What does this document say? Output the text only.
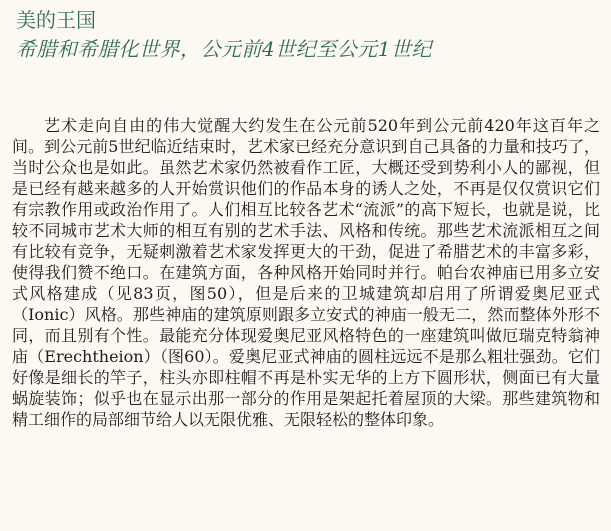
美的王国
希腊和希腊化世界，公元前4世纪至公元1世纪

艺术走向自由的伟大觉醒大约发生在公元前520年到公元前420年这百年之间。到公元前5世纪临近结束时，艺术家已经充分意识到自己具备的力量和技巧了，当时公众也是如此。虽然艺术家仍然被看作工匠，大概还受到势利小人的鄙视，但是已经有越来越多的人开始赏识他们的作品本身的诱人之处，不再是仅仅赏识它们有宗教作用或政治作用了。人们相互比较各艺术“流派”的高下短长，也就是说，比较不同城市艺术大师的相互有别的艺术手法、风格和传统。那些艺术流派相互之间有比较有竞争，无疑刺激着艺术家发挥更大的干劲，促进了希腊艺术的丰富多彩，使得我们赞不绝口。在建筑方面，各种风格开始同时并行。帕台农神庙已用多立安式风格建成（见83页，图50），但是后来的卫城建筑却启用了所谓爱奥尼亚式（Ionic）风格。那些神庙的建筑原则跟多立安式的神庙一般无二，然而整体外形不同，而且别有个性。最能充分体现爱奥尼亚风格特色的一座建筑叫做厄瑞克特翁神庙（Erechtheion）（图60）。爱奥尼亚式神庙的圆柱远远不是那么粗壮强劲。它们好像是细长的竿子，柱头亦即柱帽不再是朴实无华的上方下圆形状，侧面已有大量蜗旋装饰；似乎也在显示出那一部分的作用是架起托着屋顶的大梁。那些建筑物和精工细作的局部细节给人以无限优雅、无限轻松的整体印象。
